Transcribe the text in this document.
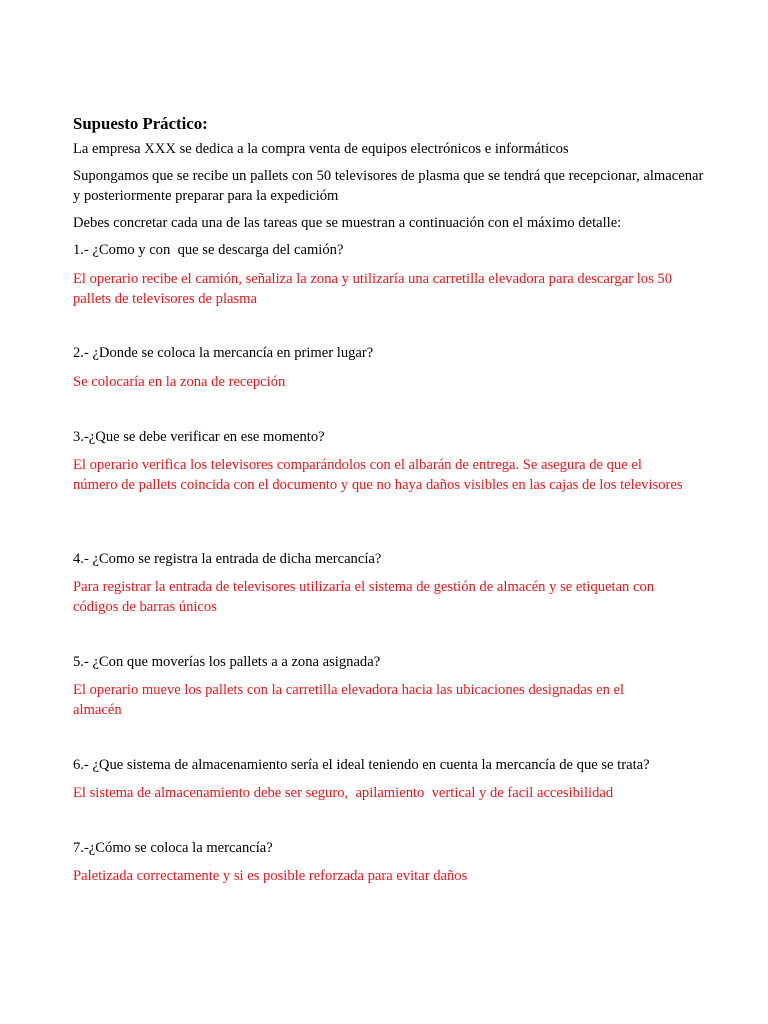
Supuesto Práctico:
La empresa XXX se dedica a la compra venta de equipos electrónicos e informáticos
Supongamos que se recibe un pallets con 50 televisores de plasma que se tendrá que recepcionar, almacenar y posteriormente preparar para la expedicióm
Debes concretar cada una de las tareas que se muestran a continuación con el máximo detalle:
1.- ¿Como y con  que se descarga del camión?
El operario recibe el camión, señaliza la zona y utilizaría una carretilla elevadora para descargar los 50 pallets de televisores de plasma
2.- ¿Donde se coloca la mercancía en primer lugar?
Se colocaría en la zona de recepción
3.-¿Que se debe verificar en ese momento?
El operario verifica los televisores comparándolos con el albarán de entrega. Se asegura de que el número de pallets coincida con el documento y que no haya daños visibles en las cajas de los televisores
4.- ¿Como se registra la entrada de dicha mercancía?
Para registrar la entrada de televisores utilizaría el sistema de gestión de almacén y se etiquetan con códigos de barras únicos
5.- ¿Con que moverías los pallets a a zona asignada?
El operario mueve los pallets con la carretilla elevadora hacia las ubicaciones designadas en el almacén
6.- ¿Que sistema de almacenamiento sería el ideal teniendo en cuenta la mercancía de que se trata?
El sistema de almacenamiento debe ser seguro,  apilamiento  vertical y de facil accesibilidad
7.-¿Cómo se coloca la mercancía?
Paletizada correctamente y si es posible reforzada para evitar daños
